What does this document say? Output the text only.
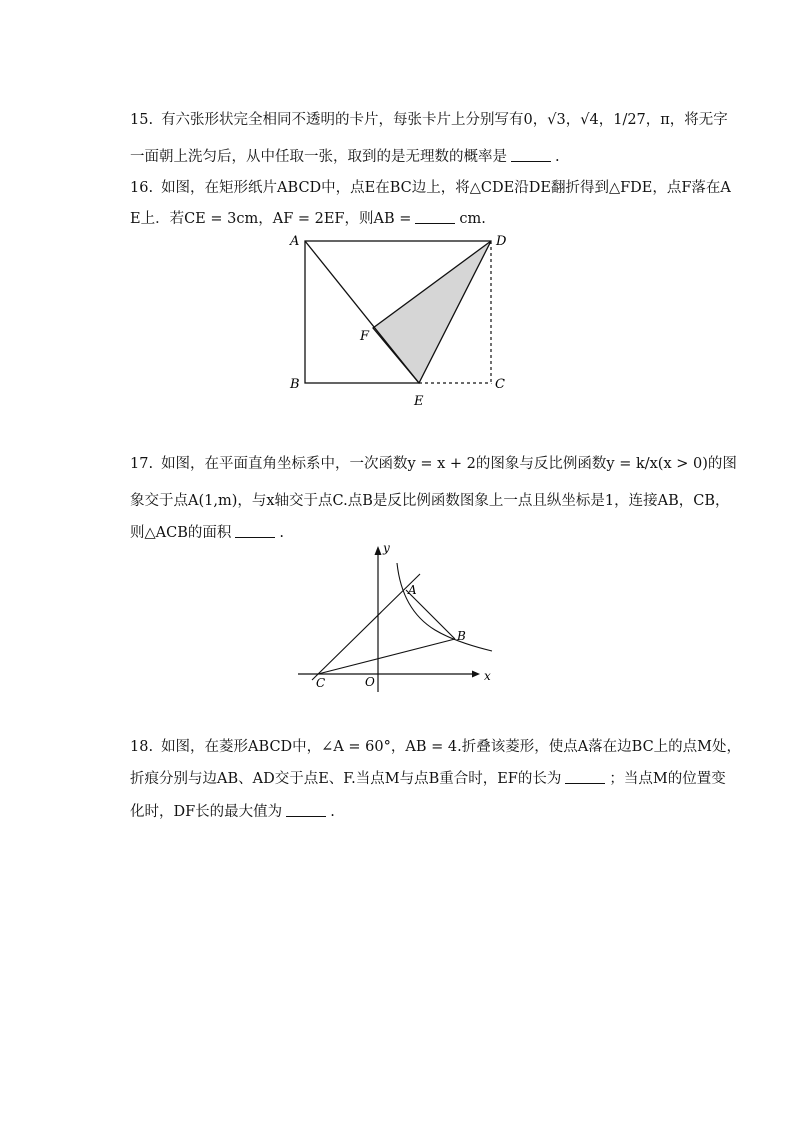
15. 有六张形状完全相同不透明的卡片，每张卡片上分别写有0，√3，√4，1/27，π，将无字
一面朝上洗匀后，从中任取一张，取到的是无理数的概率是	.
16. 如图，在矩形纸片ABCD中，点E在BC边上，将△CDE沿DE翻折得到△FDE，点F落在A
E上．若CE = 3cm，AF = 2EF，则AB =	cm.
A	D
B	C
E
F
17. 如图，在平面直角坐标系中，一次函数y = x + 2的图象与反比例函数y = k/x(x > 0)的图
象交于点A(1,m)，与x轴交于点C.点B是反比例函数图象上一点且纵坐标是1，连接AB，CB，
则△ACB的面积	.
y
x
A
B
C	O
18. 如图，在菱形ABCD中，∠A = 60°，AB = 4.折叠该菱形，使点A落在边BC上的点M处，
折痕分别与边AB、AD交于点E、F.当点M与点B重合时，EF的长为	；当点M的位置变
化时，DF长的最大值为	.
